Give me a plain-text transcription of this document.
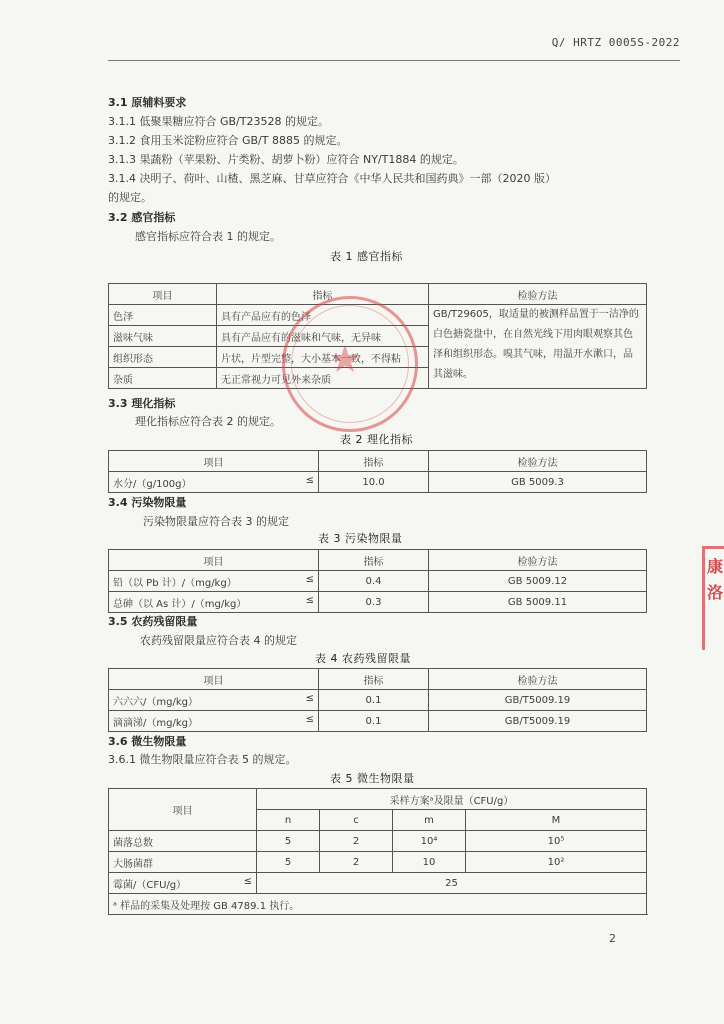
Q/ HRTZ 0005S-2022
3.1 原辅料要求
3.1.1 低聚果糖应符合 GB/T23528 的规定。
3.1.2 食用玉米淀粉应符合 GB/T 8885 的规定。
3.1.3 果蔬粉（苹果粉、片类粉、胡萝卜粉）应符合 NY/T1884 的规定。
3.1.4 决明子、荷叶、山楂、黑芝麻、甘草应符合《中华人民共和国药典》一部（2020 版）
的规定。
3.2 感官指标
感官指标应符合表 1 的规定。
表 1 感官指标
项目	指标	检验方法
色泽	具有产品应有的色泽	GB/T29605，取适量的被测样品置于一洁净的白色搪瓷盘中，在自然光线下用肉眼观察其色泽和组织形态。嗅其气味，用温开水漱口，品其滋味。
滋味气味	具有产品应有的滋味和气味，无异味	
组织形态	片状，片型完整，大小基本一致，不得粘	
杂质	无正常视力可见外来杂质	
3.3 理化指标
理化指标应符合表 2 的规定。
表 2 理化指标
项目	指标	检验方法
水分/（g/100g） ≤	10.0	GB 5009.3
3.4 污染物限量
污染物限量应符合表 3 的规定
表 3 污染物限量
项目	指标	检验方法
铅（以 Pb 计）/（mg/kg） ≤	0.4	GB 5009.12
总砷（以 As 计）/（mg/kg） ≤	0.3	GB 5009.11
3.5 农药残留限量
农药残留限量应符合表 4 的规定
表 4 农药残留限量
项目	指标	检验方法
六六六/（mg/kg） ≤	0.1	GB/T5009.19
滴滴涕/（mg/kg） ≤	0.1	GB/T5009.19
3.6 微生物限量
3.6.1 微生物限量应符合表 5 的规定。
表 5 微生物限量
项目	采样方案ᵃ及限量（CFU/g）	
	n	c	m	M	
菌落总数	5	2	10⁴	10⁵	
大肠菌群	5	2	10	10²	
霉菌/（CFU/g） ≤	25	
ᵃ 样品的采集及处理按 GB 4789.1 执行。					
★
康
洛
2
